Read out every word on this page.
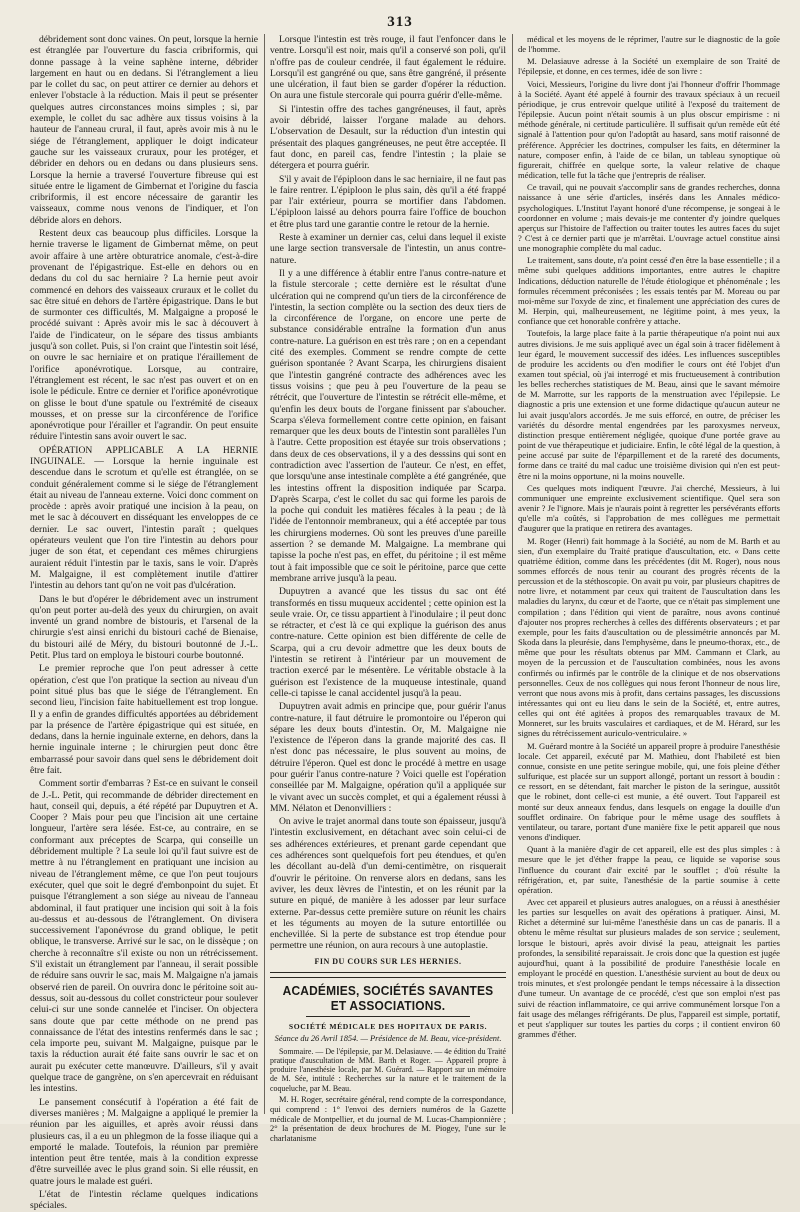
313

débridement sont donc vaines. On peut, lorsque la hernie est étranglée par l'ouverture du fascia cribriformis, qui donne passage à la veine saphène interne, débrider largement en haut ou en dedans. Si l'étranglement a lieu par le collet du sac, on peut attirer ce dernier au dehors et enlever l'obstacle à la réduction. Mais il peut se présenter quelques autres circonstances moins simples ; si, par exemple, le collet du sac adhère aux tissus voisins à la hauteur de l'anneau crural, il faut, après avoir mis à nu le siége de l'étranglement, appliquer le doigt indicateur gauche sur les vaisseaux cruraux, pour les protéger, et débrider en dehors ou en dedans ou dans plusieurs sens. Lorsque la hernie a traversé l'ouverture fibreuse qui est située entre le ligament de Gimbernat et l'origine du fascia cribriformis, il est encore nécessaire de garantir les vaisseaux, comme nous venons de l'indiquer, et l'on débride alors en dehors.

Restent deux cas beaucoup plus difficiles. Lorsque la hernie traverse le ligament de Gimbernat même, on peut avoir affaire à une artère obturatrice anomale, c'est-à-dire provenant de l'épigastrique. Est-elle en dehors ou en dedans du col du sac herniaire ? La hernie peut avoir commencé en dehors des vaisseaux cruraux et le collet du sac être situé en dehors de l'artère épigastrique. Dans le but de surmonter ces difficultés, M. Malgaigne a proposé le procédé suivant : Après avoir mis le sac à découvert à l'aide de l'indicateur, on le sépare des tissus ambiants jusqu'à son collet. Puis, si l'on craint que l'intestin soit lésé, on ouvre le sac herniaire et on pratique l'éraillement de l'orifice aponévrotique. Lorsque, au contraire, l'étranglement est récent, le sac n'est pas ouvert et on en isole le pédicule. Entre ce dernier et l'orifice aponévrotique on glisse le bout d'une spatule ou l'extrémité de ciseaux mousses, et on presse sur la circonférence de l'orifice aponévrotique pour l'érailler et l'agrandir. On peut ensuite réduire l'intestin sans avoir ouvert le sac.

OPÉRATION APPLICABLE A LA HERNIE INGUINALE. — Lorsque la hernie inguinale est descendue dans le scrotum et qu'elle est étranglée, on se conduit généralement comme si le siége de l'étranglement était au niveau de l'anneau externe. Voici donc comment on procède : après avoir pratiqué une incision à la peau, on met le sac à découvert en disséquant les enveloppes de ce dernier. Le sac ouvert, l'intestin paraît ; quelques opérateurs veulent que l'on tire l'intestin au dehors pour juger de son état, et cependant ces mêmes chirurgiens auraient réduit l'intestin par le taxis, sans le voir. D'après M. Malgaigne, il est complètement inutile d'attirer l'intestin au dehors tant qu'on ne voit pas d'ulcération.

Dans le but d'opérer le débridement avec un instrument qu'on peut porter au-delà des yeux du chirurgien, on avait inventé un grand nombre de bistouris, et l'arsenal de la chirurgie s'est ainsi enrichi du bistouri caché de Bienaise, du bistouri ailé de Méry, du bistouri boutonné de J.-L. Petit. Plus tard on employa le bistouri courbe boutonné.

Le premier reproche que l'on peut adresser à cette opération, c'est que l'on pratique la section au niveau d'un point situé plus bas que le siége de l'étranglement. En second lieu, l'incision faite habituellement est trop longue. Il y a enfin de grandes difficultés apportées au débridement par la présence de l'artère épigastrique qui est située, en dedans, dans la hernie inguinale externe, en dehors, dans la hernie inguinale interne ; le chirurgien peut donc être embarrassé pour savoir dans quel sens le débridement doit être fait.

Comment sortir d'embarras ? Est-ce en suivant le conseil de J.-L. Petit, qui recommande de débrider directement en haut, conseil qui, depuis, a été répété par Dupuytren et A. Cooper ? Mais pour peu que l'incision ait une certaine longueur, l'artère sera lésée. Est-ce, au contraire, en se conformant aux préceptes de Scarpa, qui conseille un débridement multiple ? La seule loi qu'il faut suivre est de mettre à nu l'étranglement en pratiquant une incision au niveau de l'étranglement même, ce que l'on peut toujours exécuter, quel que soit le degré d'embonpoint du sujet. Et puisque l'étranglement a son siége au niveau de l'anneau abdominal, il faut pratiquer une incision qui soit à la fois au-dessus et au-dessous de l'étranglement. On divisera successivement l'aponévrose du grand oblique, le petit oblique, le transverse. Arrivé sur le sac, on le dissèque ; on cherche à reconnaître s'il existe ou non un rétrécissement. S'il existait un étranglement par l'anneau, il serait possible de réduire sans ouvrir le sac, mais M. Malgaigne n'a jamais observé rien de pareil. On ouvrira donc le péritoine soit au-dessus, soit au-dessous du collet constricteur pour soulever celui-ci sur une sonde cannelée et l'inciser. On objectera sans doute que par cette méthode on ne prend pas connaissance de l'état des intestins renfermés dans le sac ; cela importe peu, suivant M. Malgaigne, puisque par le taxis la réduction aurait été faite sans ouvrir le sac et on aurait pu exécuter cette manœuvre. D'ailleurs, s'il y avait quelque trace de gangrène, on s'en apercevrait en réduisant les intestins.

Le pansement consécutif à l'opération a été fait de diverses manières ; M. Malgaigne a appliqué le premier la réunion par les aiguilles, et après avoir réussi dans plusieurs cas, il a eu un phlegmon de la fosse iliaque qui a emporté le malade. Toutefois, la réunion par première intention peut être tentée, mais à la condition expresse d'être surveillée avec le plus grand soin. Si elle réussit, en quatre jours le malade est guéri.

L'état de l'intestin réclame quelques indications spéciales.

Lorsque l'intestin est très rouge, il faut l'enfoncer dans le ventre. Lorsqu'il est noir, mais qu'il a conservé son poli, qu'il n'offre pas de couleur cendrée, il faut également le réduire. Lorsqu'il est gangréné ou que, sans être gangréné, il présente une ulcération, il faut bien se garder d'opérer la réduction. On aura une fistule stercorale qui pourra guérir d'elle-même.

Si l'intestin offre des taches gangréneuses, il faut, après avoir débridé, laisser l'organe malade au dehors. L'observation de Desault, sur la réduction d'un intestin qui présentait des plaques gangréneuses, ne peut être acceptée. Il faut donc, en pareil cas, fendre l'intestin ; la plaie se détergera et pourra guérir.

S'il y avait de l'épiploon dans le sac herniaire, il ne faut pas le faire rentrer. L'épiploon le plus sain, dès qu'il a été frappé par l'air extérieur, pourra se mortifier dans l'abdomen. L'épiploon laissé au dehors pourra faire l'office de bouchon et être plus tard une garantie contre le retour de la hernie.

Reste à examiner un dernier cas, celui dans lequel il existe une large section transversale de l'intestin, un anus contre-nature.

Il y a une différence à établir entre l'anus contre-nature et la fistule stercorale ; cette dernière est le résultat d'une ulcération qui ne comprend qu'un tiers de la circonférence de l'intestin, la section complète ou la section des deux tiers de la circonférence de l'organe, on encore une perte de substance considérable entraîne la formation d'un anus contre-nature. La guérison en est très rare ; on en a cependant cité des exemples. Comment se rendre compte de cette guérison spontanée ? Avant Scarpa, les chirurgiens disaient que l'intestin gangréné contracte des adhérences avec les tissus voisins ; que peu à peu l'ouverture de la peau se rétrécit, que l'ouverture de l'intestin se rétrécit elle-même, et qu'enfin les deux bouts de l'organe finissent par s'aboucher. Scarpa s'éleva formellement contre cette opinion, en faisant remarquer que les deux bouts de l'intestin sont parallèles l'un à l'autre. Cette proposition est étayée sur trois observations ; dans deux de ces observations, il y a des desssins qui sont en contradiction avec l'assertion de l'auteur. Ce n'est, en effet, que lorsqu'une anse intestinale complète a été gangrénée, que les intestins offrent la disposition indiquée par Scarpa. D'après Scarpa, c'est le collet du sac qui forme les parois de la poche qui conduit les matières fécales à la peau ; de là l'idée de l'entonnoir membraneux, qui a été acceptée par tous les chirurgiens modernes. Où sont les preuves d'une pareille assertion ? se demande M. Malgaigne. La membrane qui tapisse la poche n'est pas, en effet, du péritoine ; il est même tout à fait impossible que ce soit le péritoine, parce que cette membrane arrive jusqu'à la peau.

Dupuytren a avancé que les tissus du sac ont été transformés en tissu muqueux accidentel ; cette opinion est la seule vraie. Or, ce tissu appartient à l'inodulaire ; il peut donc se rétracter, et c'est là ce qui explique la guérison des anus contre-nature. Cette opinion est bien différente de celle de Scarpa, qui a cru devoir admettre que les deux bouts de l'intestin se retirent à l'intérieur par un mouvement de traction exercé par le mésentère. Le véritable obstacle à la guérison est l'existence de la muqueuse intestinale, quand celle-ci tapisse le canal accidentel jusqu'à la peau.

Dupuytren avait admis en principe que, pour guérir l'anus contre-nature, il faut détruire le promontoire ou l'éperon qui sépare les deux bouts d'intestin. Or, M. Malgaigne nie l'existence de l'éperon dans la grande majorité des cas. Il n'est donc pas nécessaire, le plus souvent au moins, de détruire l'éperon. Quel est donc le procédé à mettre en usage pour guérir l'anus contre-nature ? Voici quelle est l'opération conseillée par M. Malgaigne, opération qu'il a appliquée sur le vivant avec un succès complet, et qui a également réussi à MM. Nélaton et Denonvilliers :

On avive le trajet anormal dans toute son épaisseur, jusqu'à l'intestin exclusivement, en détachant avec soin celui-ci de ses adhérences extérieures, et prenant garde cependant que ces adhérences sont quelquefois fort peu étendues, et qu'en les décollant au-delà d'un demi-centimètre, on risquerait d'ouvrir le péritoine. On renverse alors en dedans, sans les aviver, les deux lèvres de l'intestin, et on les réunit par la suture en piqué, de manière à les adosser par leur surface externe. Par-dessus cette première suture on réunit les chairs et les téguments au moyen de la suture entortillée ou enchevillée. Si la perte de substance est trop étendue pour permettre une réunion, on aura recours à une autoplastie.

FIN DU COURS SUR LES HERNIES.
ACADÉMIES, SOCIÉTÉS SAVANTES ET ASSOCIATIONS.
SOCIÉTÉ MÉDICALE DES HOPITAUX DE PARIS.
Séance du 26 Avril 1854. — Présidence de M. Beau, vice-président.

Sommaire. — De l'épilepsie, par M. Delasiauve. — 4e édition du Traité pratique d'auscultation de MM. Barth et Roger. — Appareil propre à produire l'anesthésie locale, par M. Guérard. — Rapport sur un mémoire de M. Sée, intitulé : Recherches sur la nature et le traitement de la coqueluche, par M. Beau.

M. H. Roger, secrétaire général, rend compte de la correspondance, qui comprend : 1° l'envoi des derniers numéros de la Gazette médicale de Montpellier, et du journal de M. Lucas-Championnière ; 2° la présentation de deux brochures de M. Piogey, l'une sur le charlatanisme

médical et les moyens de le réprimer, l'autre sur le diagnostic de la goîe de l'homme.

M. Delasiauve adresse à la Société un exemplaire de son Traité de l'épilepsie, et donne, en ces termes, idée de son livre :

Voici, Messieurs, l'origine du livre dont j'ai l'honneur d'offrir l'hommage à la Société. Ayant été appelé à fournir des travaux spéciaux à un recueil périodique, je crus entrevoir quelque utilité à l'exposé du traitement de l'épilepsie. Aucun point n'était soumis à un plus obscur empirisme : ni méthode générale, ni certitude particulière. Il suffisait qu'un remède eût été signalé à l'attention pour qu'on l'adoptât au hasard, sans motif raisonné de préférence. Apprécier les doctrines, compulser les faits, en déterminer la nature, composer enfin, à l'aide de ce bilan, un tableau synoptique où figurerait, chiffrée en quelque sorte, la valeur relative de chaque médication, telle fut la tâche que j'entrepris de réaliser.

Ce travail, qui ne pouvait s'accomplir sans de grandes recherches, donna naissance à une série d'articles, insérés dans les Annales médico-psychologiques. L'Institut l'ayant honoré d'une récompense, je songeai à le coordonner en volume ; mais devais-je me contenter d'y joindre quelques aperçus sur l'histoire de l'affection ou traiter toutes les autres faces du sujet ? C'est à ce dernier parti que je m'arrêtai. L'ouvrage actuel constitue ainsi une monographie complète du mal caduc.

Le traitement, sans doute, n'a point cessé d'en être la base essentielle ; il a même subi quelques additions importantes, entre autres le chapitre Indications, déduction naturelle de l'étude étiologique et phénoménale ; les formules récemment préconisées ; les essais tentés par M. Moreau ou par moi-même sur l'oxyde de zinc, et finalement une appréciation des cures de M. Herpin, qui, malheureusement, ne légitime point, à mes yeux, la confiance que cet honorable confrère y attache.

Toutefois, la large place faite à la partie thérapeutique n'a point nui aux autres divisions. Je me suis appliqué avec un égal soin à tracer fidèlement à leur égard, le mouvement successif des idées. Les influences susceptibles de produire les accidents ou d'en modifier le cours ont été l'objet d'un examen tout spécial, où j'ai interrogé et mis fructueusement à contribution les belles recherches statistiques de M. Beau, ainsi que le savant mémoire de M. Marrotte, sur les rapports de la menstruation avec l'épilepsie. Le diagnostic a pris une extension et une forme didactique qu'aucun auteur ne lui avait jusqu'alors accordés. Je me suis efforcé, en outre, de préciser les variétés du désordre mental engendrées par les paroxysmes nerveux, distinction presque entièrement négligée, quoique d'une portée grave au point de vue thérapeutique et judiciaire. Enfin, le côté légal de la question, à peine accusé par suite de l'éparpillement et de la rareté des documents, forme dans ce traité du mal caduc une troisième division qui n'en est peut-être ni la moins opportune, ni la moins nouvelle.

Ces quelques mots indiquent l'œuvre. J'ai cherché, Messieurs, à lui communiquer une empreinte exclusivement scientifique. Quel sera son avenir ? Je l'ignore. Mais je n'aurais point à regretter les persévérants efforts qu'elle m'a coûtés, si l'approbation de mes collègues me permettait d'augurer que la pratique en retirera des avantages.

M. Roger (Henri) fait hommage à la Société, au nom de M. Barth et au sien, d'un exemplaire du Traité pratique d'auscultation, etc. « Dans cette quatrième édition, comme dans les précédentes (dit M. Roger), nous nous sommes efforcés de nous tenir au courant des progrès récents de la percussion et de la stéthoscopie. On avait pu voir, par plusieurs chapitres de notre livre, et notamment par ceux qui traitent de l'auscultation dans les maladies du larynx, du cœur et de l'aorte, que ce n'était pas simplement une compilation ; dans l'édition qui vient de paraître, nous avons continué d'ajouter nos propres recherches à celles des différents observateurs ; et par exemple, pour les faits d'auscultation ou de plessimétrie annoncés par M. Skoda dans la pleurésie, dans l'emphysème, dans le pneumo-thorax, etc., de même que pour les résultats obtenus par MM. Cammann et Clark, au moyen de la percussion et de l'auscultation combinées, nous les avons confirmés ou infirmés par le contrôle de la clinique et de nos observations personnelles. Ceux de nos collègues qui nous feront l'honneur de nous lire, verront que nous avons mis à profit, dans certains passages, les discussions intéressantes qui ont eu lieu dans le sein de la Société, et, entre autres, celles qui ont été agitées à propos des remarquables travaux de M. Monneret, sur les bruits vasculaires et cardiaques, et de M. Hérard, sur les signes du rétrécissement auriculo-ventriculaire. »

M. Guérard montre à la Société un appareil propre à produire l'anesthésie locale. Cet appareil, exécuté par M. Mathieu, dont l'habileté est bien connue, consiste en une petite seringue mobile, qui, une fois pleine d'éther sulfurique, est placée sur un support allongé, portant un ressort à boudin : ce ressort, en se détendant, fait marcher le piston de la seringue, aussitôt que le robinet, dont celle-ci est munie, a été ouvert. Tout l'appareil est monté sur deux anneaux fendus, dans lesquels on engage la douille d'un soufflet ordinaire. On fabrique pour le même usage des soufflets à ventilateur, ou tarare, portant d'une manière fixe le petit appareil que nous venons d'indiquer.

Quant à la manière d'agir de cet appareil, elle est des plus simples : à mesure que le jet d'éther frappe la peau, ce liquide se vaporise sous l'influence du courant d'air excité par le soufflet ; d'où résulte la réfrigération, et, par suite, l'anesthésie de la partie soumise à cette opération.

Avec cet appareil et plusieurs autres analogues, on a réussi à anesthésier les parties sur lesquelles on avait des opérations à pratiquer. Ainsi, M. Richet a déterminé sur lui-même l'anesthésie dans un cas de panaris. Il a obtenu le même résultat sur plusieurs malades de son service ; seulement, lorsque le bistouri, après avoir divisé la peau, atteignait les parties profondes, la sensibilité reparaissait. Je crois donc que la question est jugée aujourd'hui, quant à la possibilité de produire l'anesthésie locale en employant le procédé en question. L'anesthésie survient au bout de deux ou trois minutes, et s'est prolongée pendant le temps nécessaire à la dissection d'une tumeur. Un avantage de ce procédé, c'est que son emploi n'est pas suivi de réaction inflammatoire, ce qui arrive communément lorsque l'on a fait usage des mélanges réfrigérants. De plus, l'appareil est simple, portatif, et peut s'appliquer sur toutes les parties du corps ; il contient environ 60 grammes d'éther.
